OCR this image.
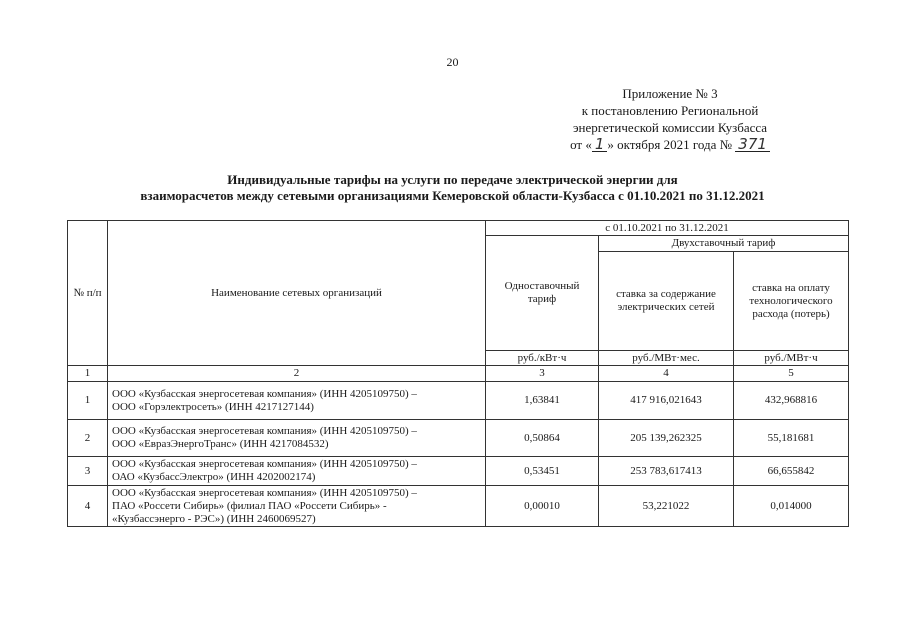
20
Приложение № 3
к постановлению Региональной
энергетической комиссии Кузбасса
от « 1 » октября 2021 года № 371
Индивидуальные тарифы на услуги по передаче электрической энергии для
взаиморасчетов между сетевыми организациями Кемеровской области-Кузбасса с 01.10.2021 по 31.12.2021
№ п/п	Наименование сетевых организаций	с 01.10.2021 по 31.12.2021		
		Одноставочный тариф	Двухставочный тариф	
			ставка за содержание электрических сетей	ставка на оплату технологического расхода (потерь)
		руб./кВт·ч	руб./МВт·мес.	руб./МВт·ч
1	2	3	4	5
1	ООО «Кузбасская энергосетевая компания» (ИНН 4205109750) –
ООО «Горэлектросеть» (ИНН 4217127144)	1,63841	417 916,021643	432,968816
2	ООО «Кузбасская энергосетевая компания» (ИНН 4205109750) –
ООО «ЕвразЭнергоТранс» (ИНН 4217084532)	0,50864	205 139,262325	55,181681
3	ООО «Кузбасская энергосетевая компания» (ИНН 4205109750) –
ОАО «КузбассЭлектро» (ИНН 4202002174)	0,53451	253 783,617413	66,655842
4	ООО «Кузбасская энергосетевая компания» (ИНН 4205109750) –
ПАО «Россети Сибирь» (филиал ПАО «Россети Сибирь» -
«Кузбассэнерго - РЭС») (ИНН 2460069527)	0,00010	53,221022	0,014000
